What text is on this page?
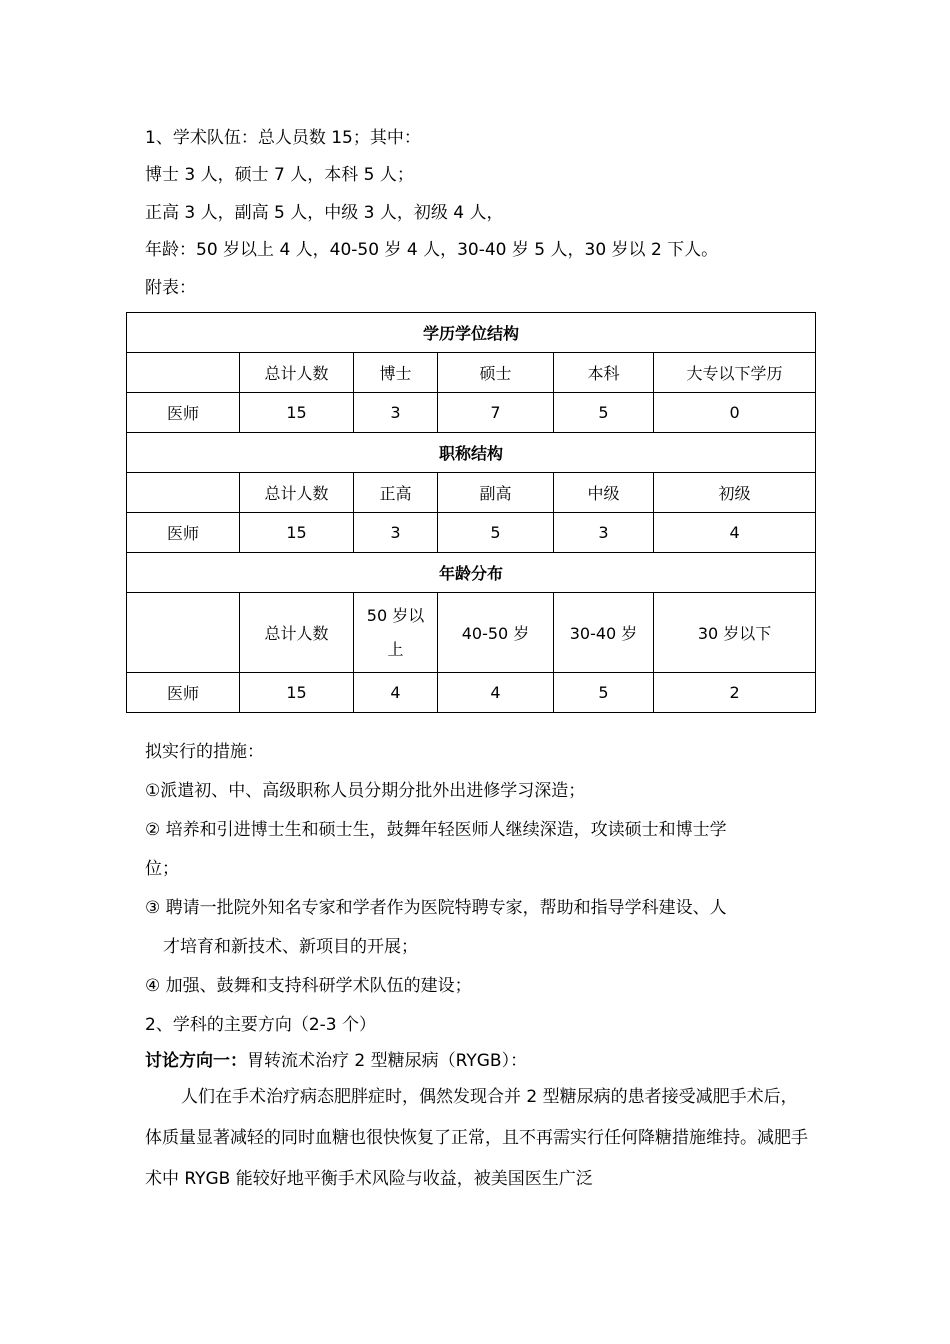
1、学术队伍：总人员数 15；其中：
博士 3 人，硕士 7 人，本科 5 人；
正高 3 人，副高 5 人，中级 3 人，初级 4 人，
年龄：50 岁以上 4 人，40-50 岁 4 人，30-40 岁 5 人，30 岁以 2 下人。
附表：
学历学位结构					
	总计人数	博士	硕士	本科	大专以下学历
医师	15	3	7	5	0
职称结构					
	总计人数	正高	副高	中级	初级
医师	15	3	5	3	4
年龄分布					
	总计人数	50 岁以上	40-50 岁	30-40 岁	30 岁以下
医师	15	4	4	5	2
拟实行的措施：
①派遣初、中、高级职称人员分期分批外出进修学习深造；
② 培养和引进博士生和硕士生，鼓舞年轻医师人继续深造，攻读硕士和博士学
位；
③ 聘请一批院外知名专家和学者作为医院特聘专家，帮助和指导学科建设、人
才培育和新技术、新项目的开展；
④ 加强、鼓舞和支持科研学术队伍的建设；
2、学科的主要方向（2-3 个）
讨论方向一：胃转流术治疗 2 型糖尿病（RYGB）：
人们在手术治疗病态肥胖症时，偶然发现合并 2 型糖尿病的患者接受减肥手术后，体质量显著减轻的同时血糖也很快恢复了正常，且不再需实行任何降糖措施维持。减肥手术中 RYGB 能较好地平衡手术风险与收益，被美国医生广泛
